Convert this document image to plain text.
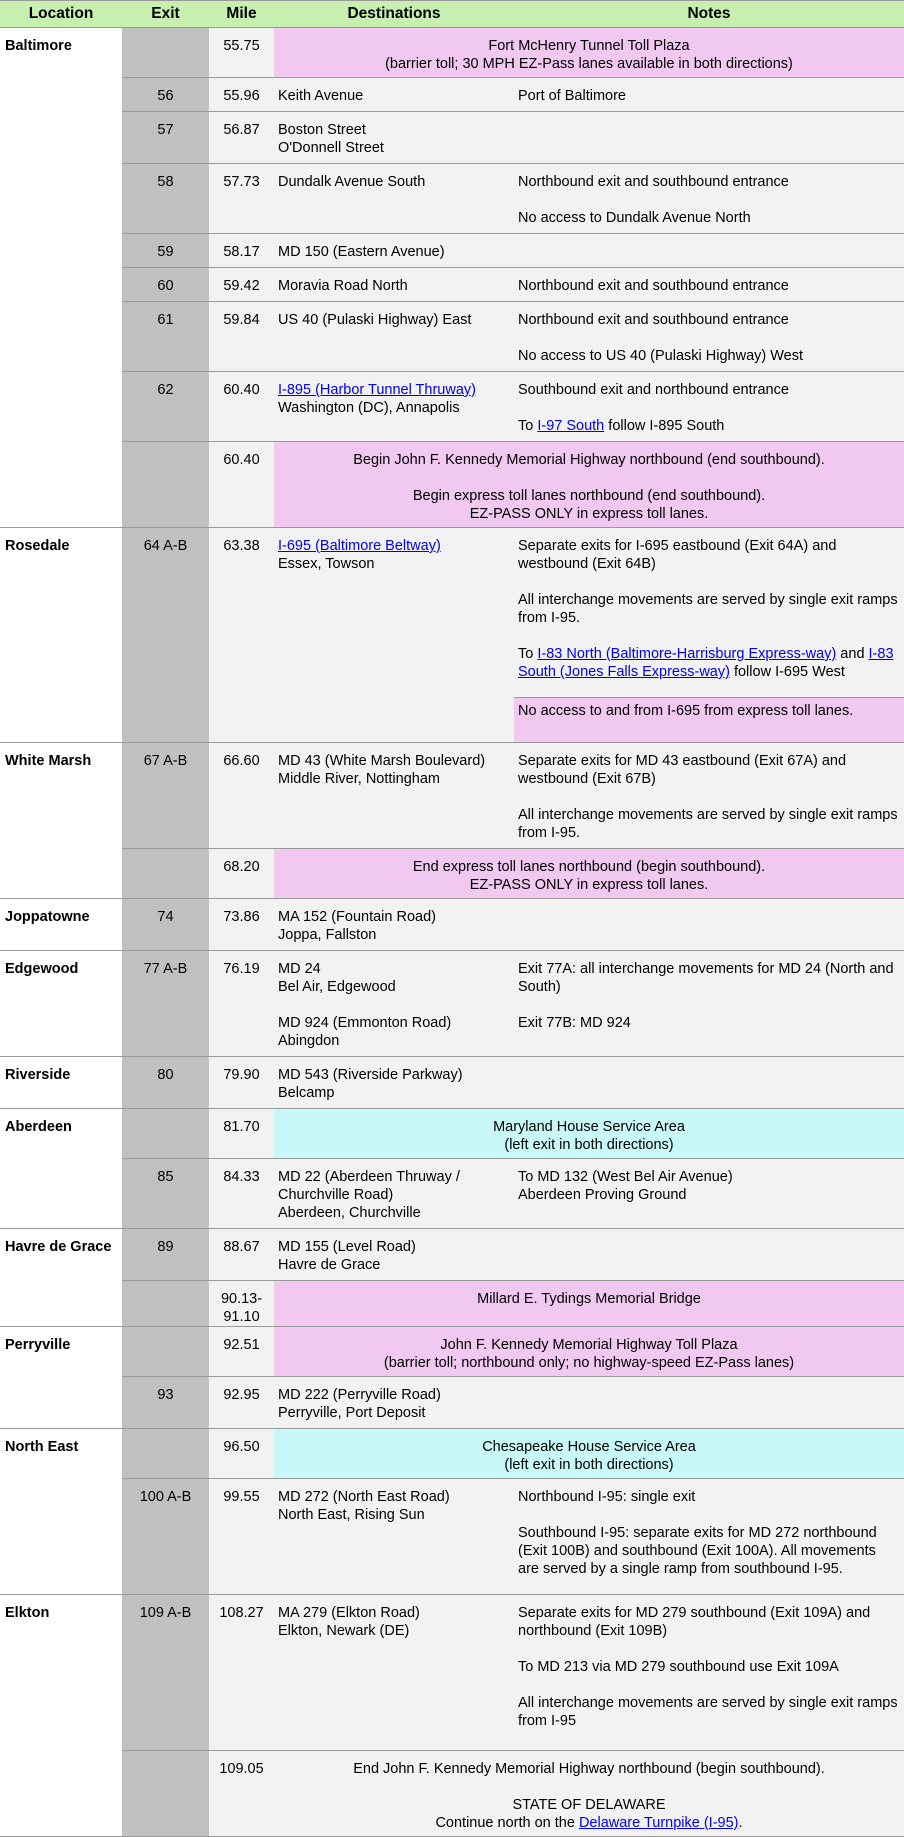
Location	Exit	Mile	Destinations	Notes
Baltimore		55.75	Fort McHenry Tunnel Toll Plaza
(barrier toll; 30 MPH EZ-Pass lanes available in both directions)	

	56	55.96	Keith Avenue	Port of Baltimore
	57	56.87	Boston Street
O'Donnell Street	

	58	57.73	Dundalk Avenue South	Northbound exit and southbound entrance
No access to Dundalk Avenue North

	59	58.17	MD 150 (Eastern Avenue)	
	60	59.42	Moravia Road North	Northbound exit and southbound entrance
	61	59.84	US 40 (Pulaski Highway) East	Northbound exit and southbound entrance
No access to US 40 (Pulaski Highway) West

	62	60.40	I-895 (Harbor Tunnel Thruway)
Washington (DC), Annapolis	Southbound exit and northbound entrance
To I-97 South follow I-895 South

		60.40	Begin John F. Kennedy Memorial Highway northbound (end southbound).
Begin express toll lanes northbound (end southbound).
EZ-PASS ONLY in express toll lanes.	

Rosedale	64 A-B	63.38	I-695 (Baltimore Beltway)
Essex, Towson	Separate exits for I-695 eastbound (Exit 64A) and westbound (Exit 64B)
All interchange movements are served by single exit ramps from I-95.
To I-83 North (Baltimore-Harrisburg Express-way) and I-83 South (Jones Falls Express-way) follow I-695 West

				No access to and from I-695 from express toll lanes.
White Marsh	67 A-B	66.60	MD 43 (White Marsh Boulevard)
Middle River, Nottingham	Separate exits for MD 43 eastbound (Exit 67A) and westbound (Exit 67B)
All interchange movements are served by single exit ramps from I-95.

		68.20	End express toll lanes northbound (begin southbound).
EZ-PASS ONLY in express toll lanes.	

Joppatowne	74	73.86	MA 152 (Fountain Road)
Joppa, Fallston	

Edgewood	77 A-B	76.19	MD 24
Bel Air, Edgewood
MD 924 (Emmonton Road)
Abingdon	Exit 77A: all interchange movements for MD 24 (North and South)
Exit 77B: MD 924

Riverside	80	79.90	MD 543 (Riverside Parkway)
Belcamp	

Aberdeen		81.70	Maryland House Service Area
(left exit in both directions)	

	85	84.33	MD 22 (Aberdeen Thruway / Churchville Road)
Aberdeen, Churchville	To MD 132 (West Bel Air Avenue)
Aberdeen Proving Ground

Havre de Grace	89	88.67	MD 155 (Level Road)
Havre de Grace	

		90.13-
91.10	Millard E. Tydings Memorial Bridge	
Perryville		92.51	John F. Kennedy Memorial Highway Toll Plaza
(barrier toll; northbound only; no highway-speed EZ-Pass lanes)	

	93	92.95	MD 222 (Perryville Road)
Perryville, Port Deposit	

North East		96.50	Chesapeake House Service Area
(left exit in both directions)	

	100 A-B	99.55	MD 272 (North East Road)
North East, Rising Sun	Northbound I-95: single exit
Southbound I-95: separate exits for MD 272 northbound (Exit 100B) and southbound (Exit 100A). All movements are served by a single ramp from southbound I-95.

Elkton	109 A-B	108.27	MA 279 (Elkton Road)
Elkton, Newark (DE)	Separate exits for MD 279 southbound (Exit 109A) and northbound (Exit 109B)
To MD 213 via MD 279 southbound use Exit 109A
All interchange movements are served by single exit ramps from I-95

		109.05	End John F. Kennedy Memorial Highway northbound (begin southbound).
STATE OF DELAWARE
Continue north on the Delaware Turnpike (I-95).	
